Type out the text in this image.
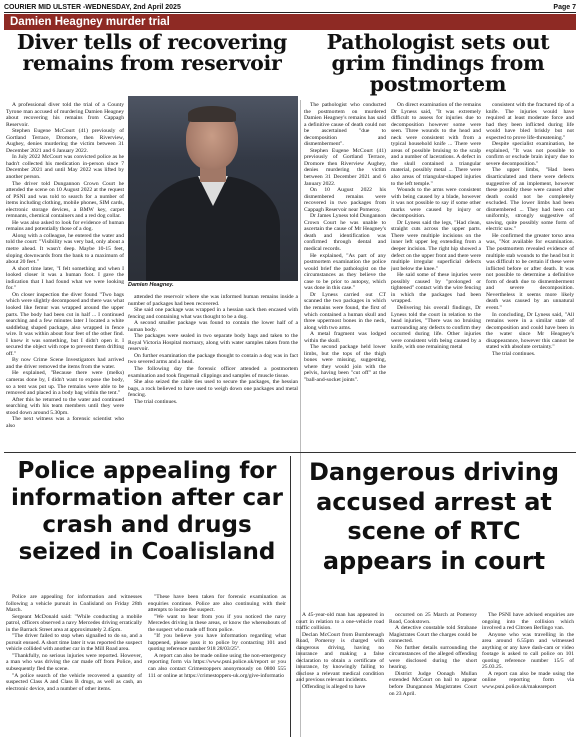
COURIER MID ULSTER -WEDNESDAY, 2nd April 2025	Page 7
Damien Heagney murder trial
Diver tells of recovering remains from reservoir
Pathologist sets out grim findings from postmortem

A professional diver told the trial of a County Tyrone man accused of murdering Damien Heagney about recovering his remains from Cappagh Reservoir.

Stephen Eugene McCourt (41) previously of Gortland Terrace, Dromore, then Riverview, Aughey, denies murdering the victim between 31 December 2021 and 6 January 2022.

In July 2022 McCourt was convicted police as he hadn't collected his medication in-person since 7 December 2021 and until May 2022 was lifted by another person.

The driver told Dungannon Crown Court he attended the scene on 10 August 2022 at the request of PSNI and was told to search for a number of items including clothing, mobile phones, SIM cards, electronic storage devices, a BMW key, carpet remnants, chemical containers and a red dog collar.

He was also asked to look for evidence of human remains and potentially those of a dog.

Along with a colleague, he entered the water and told the court: "Visibility was very bad, only about a metre ahead. It wasn't deep. Maybe 10-15 feet, sloping downwards from the bank to a maximum of about 20 feet."

A short time later, "I felt something and when I looked closer it was a human foot. I gave the indication that I had found what we were looking for."

On closer inspection the diver found "Two bags which were slightly decomposed and there was what looked like femur was wrapped around the upper parts. The body had been cut in half ... I continued searching and a few minutes later I located a white saddlebag shaped package, also wrapped in fence wire. It was within about four feet of the other find. I knew it was something, but I didn't open it. I secured the object with rope to prevent them drifting off."

By now Crime Scene Investigators had arrived and the driver removed the items from the water.

He explained, "Because there were (melks) cameras done by, I didn't want to expose the body, so a tent was put up. The remains were able to be removed and placed in a body bag within the tent."

After this he returned to the water and continued searching with his team members until they were stood down around 5.30pm.

The next witness was a forensic scientist who also

Damien Heagney.

attended the reservoir where she was informed human remains inside a number of packages had been recovered.

She said one package was wrapped in a hessian sack then encased with fencing and containing what was thought to be a dog.

A second smaller package was found to contain the lower half of a human body.

The packages were sealed in two separate body bags and taken to the Royal Victoria Hospital mortuary, along with water samples taken from the reservoir.

On further examination the package thought to contain a dog was in fact two severed arms and a head.

The following day the forensic officer attended a postmortem examination and took fingernail clippings and samples of muscle tissue.

She also seized the cable ties used to secure the packages, the hessian bags, a rock believed to have used to weigh down one packages and metal fencing.

The trial continues.

The pathologist who conducted the postmortem on murdered Damien Heagney's remains has said a definitive cause of death could not be ascertained "due to decomposition and dismemberment".

Stephen Eugene McCourt (41) previously of Gortland Terrace, Dromore then Riverview Aughey, denies murdering the victim between 31 December 2021 and 6 January 2022.

On 10 August 2022 his dismembered remains were recovered in two packages from Cappagh Reservoir near Pomeroy.

Dr James Lyness told Dungannon Crown Court he was unable to ascertain the cause of Mr Heagney's death and identification was confirmed through dental and medical records.

He explained, "As part of any postmortem examination the police would brief the pathologist on the circumstances as they believe the case to be prior to autopsy, which was done in this case."

Dr Lyness carried out CT scanned the two packages in which the remains were found, the first of which contained a human skull and three uppermost bones in the neck, along with two arms.

A metal fragment was lodged within the skull.

The second package held lower limbs, but the tops of the thigh bones were missing, suggesting, where they would join with the pelvis, having been "cut off" at the "ball-and-socket joints".

On direct examination of the remains Dr Lyness said, "It was extremely difficult to assess for injuries due to decomposition however some were seen. Three wounds to the head and neck were consistent with from a typical household knife ... There were areas of possible bruising to the scalp and a number of lacerations. A defect in the skull contained a triangular material, possibly metal ... There were also areas of triangular-shaped injuries to the left temple."

Wounds to the arms were consistent with being caused by a blade, however it was not possible to say if some other marks were caused by injury or decomposition.

Dr Lyness said the legs, "Had clean, straight cuts across the upper parts. There were multiple incisions on the inner left upper leg extending from a deeper incision. The right hip showed a defect on the upper front and there were multiple irregular superficial defects just below the knee."

He said some of these injuries were possibly caused by "prolonged or tightened" contact with the wire fencing in which the packages had been wrapped.

Delivering his overall findings, Dr Lyness told the court in relation to the head injuries, "There was no bruising surrounding any defects to confirm they occurred during life. Other injuries were consistent with being caused by a knife, with one remaining metal

consistent with the fractured tip of a knife. The injuries would have required at least moderate force and had they been inflicted during life would have bled briskly but not expected to prove life-threatening."

Despite specialist examination, he explained, "It was not possible to confirm or exclude brain injury due to severe decomposition."

The upper limbs, "Had been disarticulated and there were defects suggestive of an implement, however these possibly these were caused after death could not be completely excluded. The lower limbs had been dismembered ... They had been cut uniformly, strongly suggestive of sawing, quite possibly some form of electric saw."

He confirmed the greater torso area was, "Not available for examination. The postmortem revealed evidence of multiple stab wounds to the head but it was difficult to be certain if these were inflicted before or after death. It was not possible to determine a definitive form of death due to dismemberment and severe decomposition. Nevertheless it seems more likely death was caused by an unnatural event."

In concluding, Dr Lyness said, "All remains were in a similar state of decomposition and could have been in the water since Mr Heagney's disappearance, however this cannot be stated with absolute certainty."

The trial continues.

Police appealing for information after car crash and drugs seized in Coalisland

Police are appealing for information and witnesses following a vehicle pursuit in Coalisland on Friday 28th March.

Sergeant McDonald said: "While conducting a mobile patrol, officers observed a navy Mercedes driving erratically in the Barrack Street area at approximately 2.45pm.

"The driver failed to stop when signalled to do so, and a pursuit ensued. A short time later it was reported the suspect vehicle collided with another car in the Mill Road area.

"Thankfully, no serious injuries were reported. However, a man who was driving the car made off from Police, and subsequently fled the scene.

"A police search of the vehicle recovered a quantity of suspected Class A and Class B drugs, as well as cash, an electronic device, and a number of other items.

"These have been taken for forensic examination as enquiries continue. Police are also continuing with their attempts to locate the suspect.

"We want to hear from you if you noticed the navy Mercedes driving in these areas, or know the whereabouts of the suspect who made off from police.

"If you believe you have information regarding what happened, please pass it to police by contacting 101 and quoting reference number 918 28/03/25".

A report can also be made online using the non-emergency reporting form via https://www.psni.police.uk/report or you can also contact Crimestoppers anonymously on 0800 555 111 or online at https://crimestoppers-uk.org/give-informatio

Dangerous driving accused arrest at scene of RTC appears in court

A 45-year-old man has appeared in court in relation to a one-vehicle road traffic collision.

Declan McCourt from Burnbrenagh Road, Pomeroy is charged with dangerous driving, having no insurance and making a false declaration to obtain a certificate of insurance, by knowingly failing to disclose a relevant medical condition and previous relevant incidents.

Offending is alleged to have

occurred on 25 March at Pomeroy Road, Cookstown.

A detective constable told Strabane Magistrates Court the charges could be connected.

No further details surrounding the circumstances of the alleged offending were disclosed during the short hearing.

District Judge Oonagh Mullan extended McCourt on bail to appear before Dungannon Magistrates Court on 23 April.

The PSNI have advised enquiries are ongoing into the collision which involved a red Citroen Berlingo van.

Anyone who was travelling in the area around 6.55pm and witnessed anything or any have dash-cam or video footage is asked to call police on 101 quoting reference number 15/5 of 25.03.25.

A report can also be made using the online reporting form via www.psni.police.uk/makeareport
